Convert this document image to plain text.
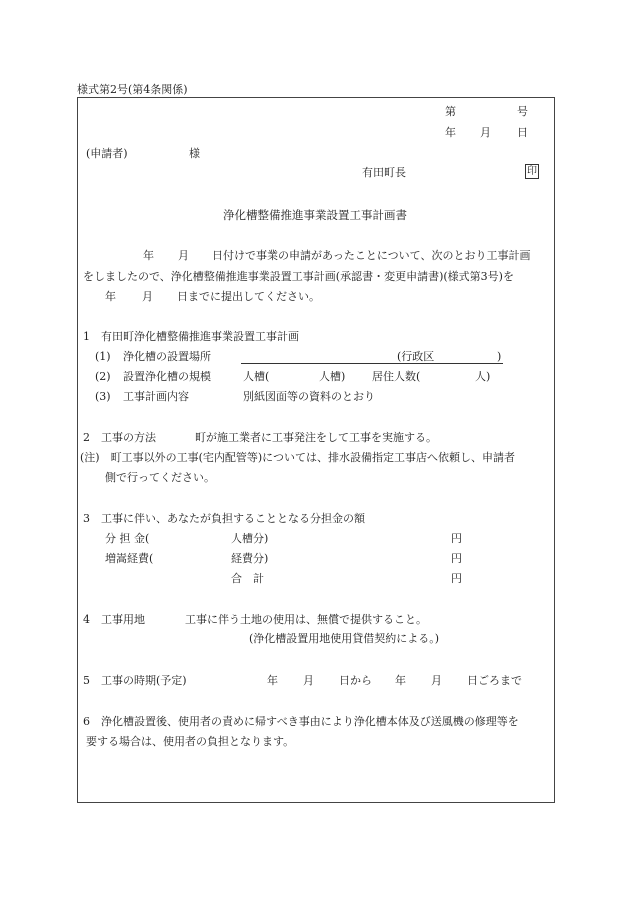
様式第2号(第4条関係)
第	号
年 月 日
(申請者)	様
有田町長	印
浄化槽整備推進事業設置工事計画書
年 月 日付けで事業の申請があったことについて、次のとおり工事計画
をしましたので、浄化槽整備推進事業設置工事計画(承認書・変更申請書)(様式第3号)を
年 月 日までに提出してください。
1　有田町浄化槽整備推進事業設置工事計画
(1) 浄化槽の設置場所	(行政区	)
(2) 設置浄化槽の規模	人槽(	人槽) 居住人数(	人)
(3) 工事計画内容	別紙図面等の資料のとおり
2　工事の方法	町が施工業者に工事発注をして工事を実施する。
(注)　町工事以外の工事(宅内配管等)については、排水設備指定工事店へ依頼し、申請者
側で行ってください。
3　工事に伴い、あなたが負担することとなる分担金の額
分 担 金(	人槽分)	円
増嵩経費(	経費分)	円
合　計	円
4　工事用地	工事に伴う土地の使用は、無償で提供すること。
(浄化槽設置用地使用貸借契約による。)
5　工事の時期(予定)	年 月 日から 年 月 日ごろまで
6　浄化槽設置後、使用者の責めに帰すべき事由により浄化槽本体及び送風機の修理等を
要する場合は、使用者の負担となります。
